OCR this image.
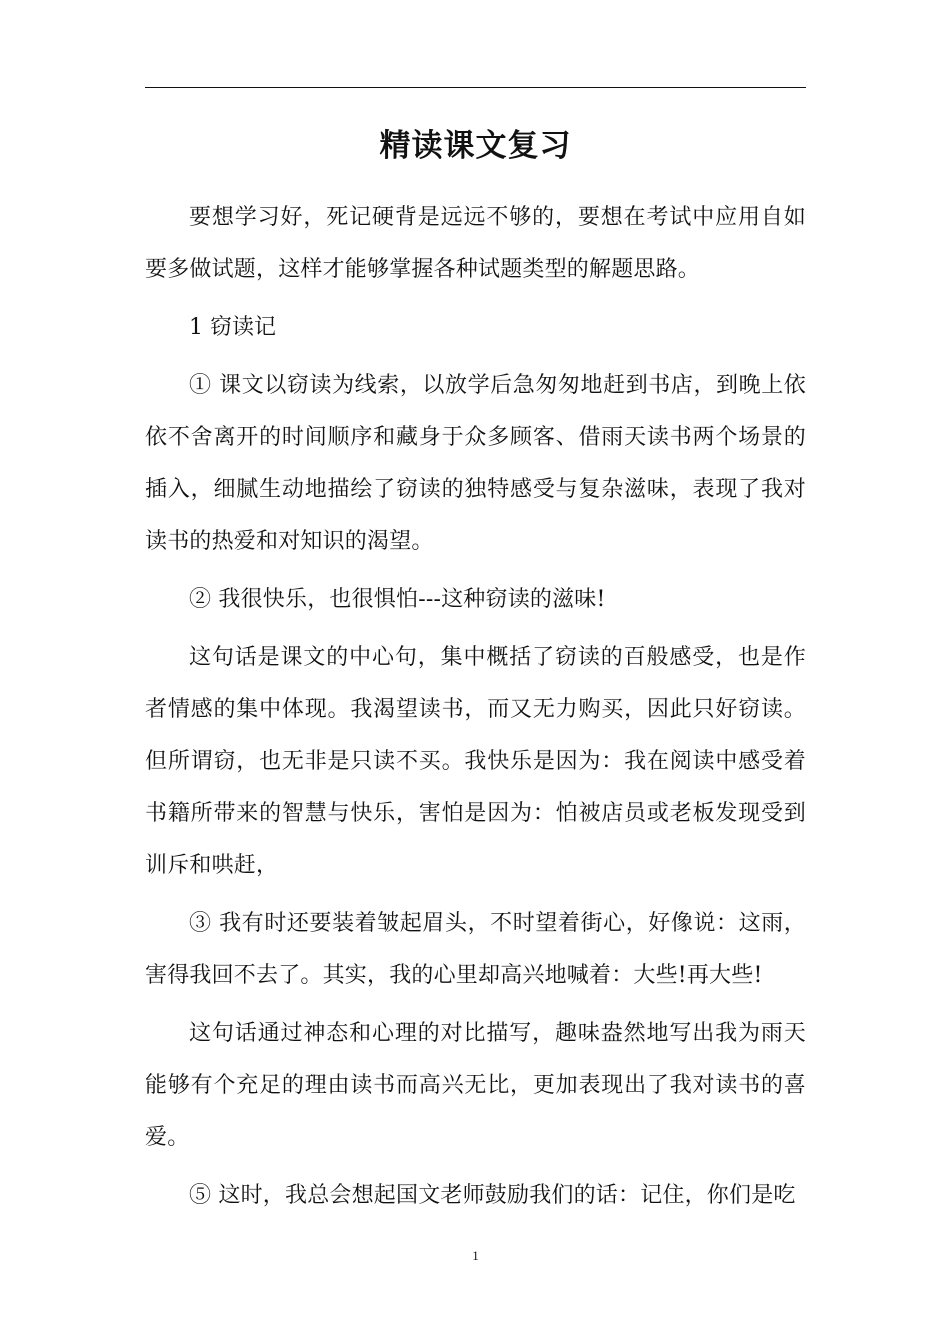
精读课文复习

要想学习好，死记硬背是远远不够的，要想在考试中应用自如要多做试题，这样才能够掌握各种试题类型的解题思路。

1 窃读记

① 课文以窃读为线索，以放学后急匆匆地赶到书店，到晚上依依不舍离开的时间顺序和藏身于众多顾客、借雨天读书两个场景的插入，细腻生动地描绘了窃读的独特感受与复杂滋味，表现了我对读书的热爱和对知识的渴望。

② 我很快乐，也很惧怕---这种窃读的滋味!

这句话是课文的中心句，集中概括了窃读的百般感受，也是作者情感的集中体现。我渴望读书，而又无力购买，因此只好窃读。但所谓窃，也无非是只读不买。我快乐是因为：我在阅读中感受着书籍所带来的智慧与快乐，害怕是因为：怕被店员或老板发现受到训斥和哄赶，

③ 我有时还要装着皱起眉头，不时望着街心，好像说：这雨，害得我回不去了。其实，我的心里却高兴地喊着：大些!再大些!

这句话通过神态和心理的对比描写，趣味盎然地写出我为雨天能够有个充足的理由读书而高兴无比，更加表现出了我对读书的喜爱。

⑤ 这时，我总会想起国文老师鼓励我们的话：记住，你们是吃

1
